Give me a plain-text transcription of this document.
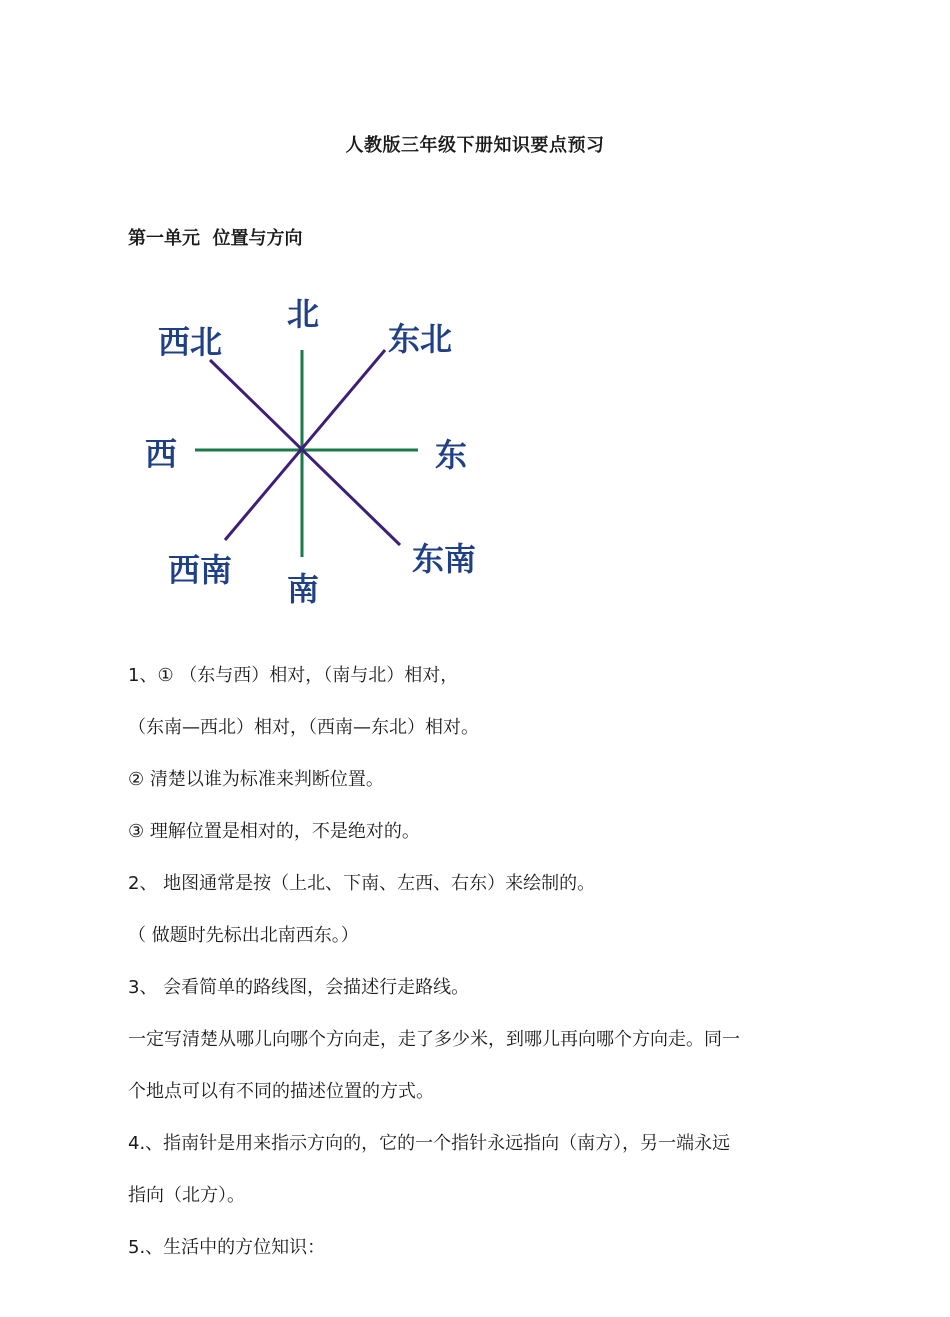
人教版三年级下册知识要点预习
第一单元  位置与方向
北
东北
东
东南
南
西南
西
西北
1、① （东与西）相对，（南与北）相对，
（东南—西北）相对，（西南—东北）相对。
② 清楚以谁为标准来判断位置。
③ 理解位置是相对的，不是绝对的。
2、 地图通常是按（上北、下南、左西、右东）来绘制的。
（ 做题时先标出北南西东。）
3、 会看简单的路线图，会描述行走路线。
一定写清楚从哪儿向哪个方向走，走了多少米，到哪儿再向哪个方向走。同一
个地点可以有不同的描述位置的方式。
4.、指南针是用来指示方向的，它的一个指针永远指向（南方），另一端永远
指向（北方）。
5.、生活中的方位知识：
